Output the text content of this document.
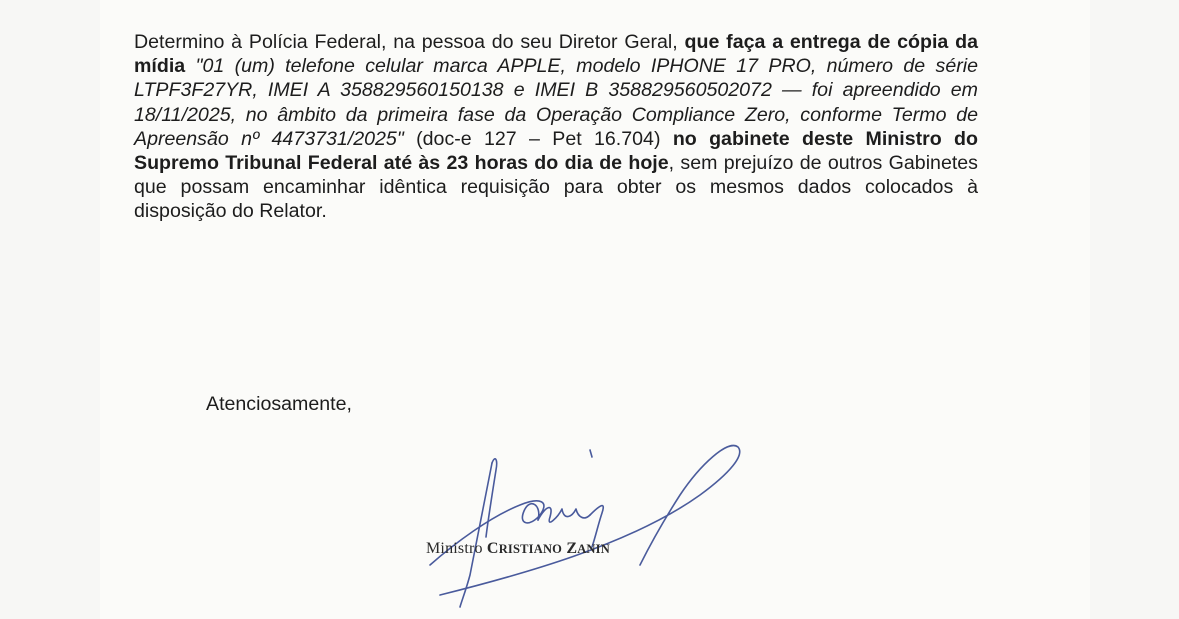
Determino à Polícia Federal, na pessoa do seu Diretor Geral, que faça a entrega de cópia da mídia "01 (um) telefone celular marca APPLE, modelo IPHONE 17 PRO, número de série LTPF3F27YR, IMEI A 358829560150138 e IMEI B 358829560502072 — foi apreendido em 18/11/2025, no âmbito da primeira fase da Operação Compliance Zero, conforme Termo de Apreensão nº 4473731/2025" (doc-e 127 – Pet 16.704) no gabinete deste Ministro do Supremo Tribunal Federal até às 23 horas do dia de hoje, sem prejuízo de outros Gabinetes que possam encaminhar idêntica requisição para obter os mesmos dados colocados à disposição do Relator.

Atenciosamente,

Ministro CRISTIANO ZANIN
